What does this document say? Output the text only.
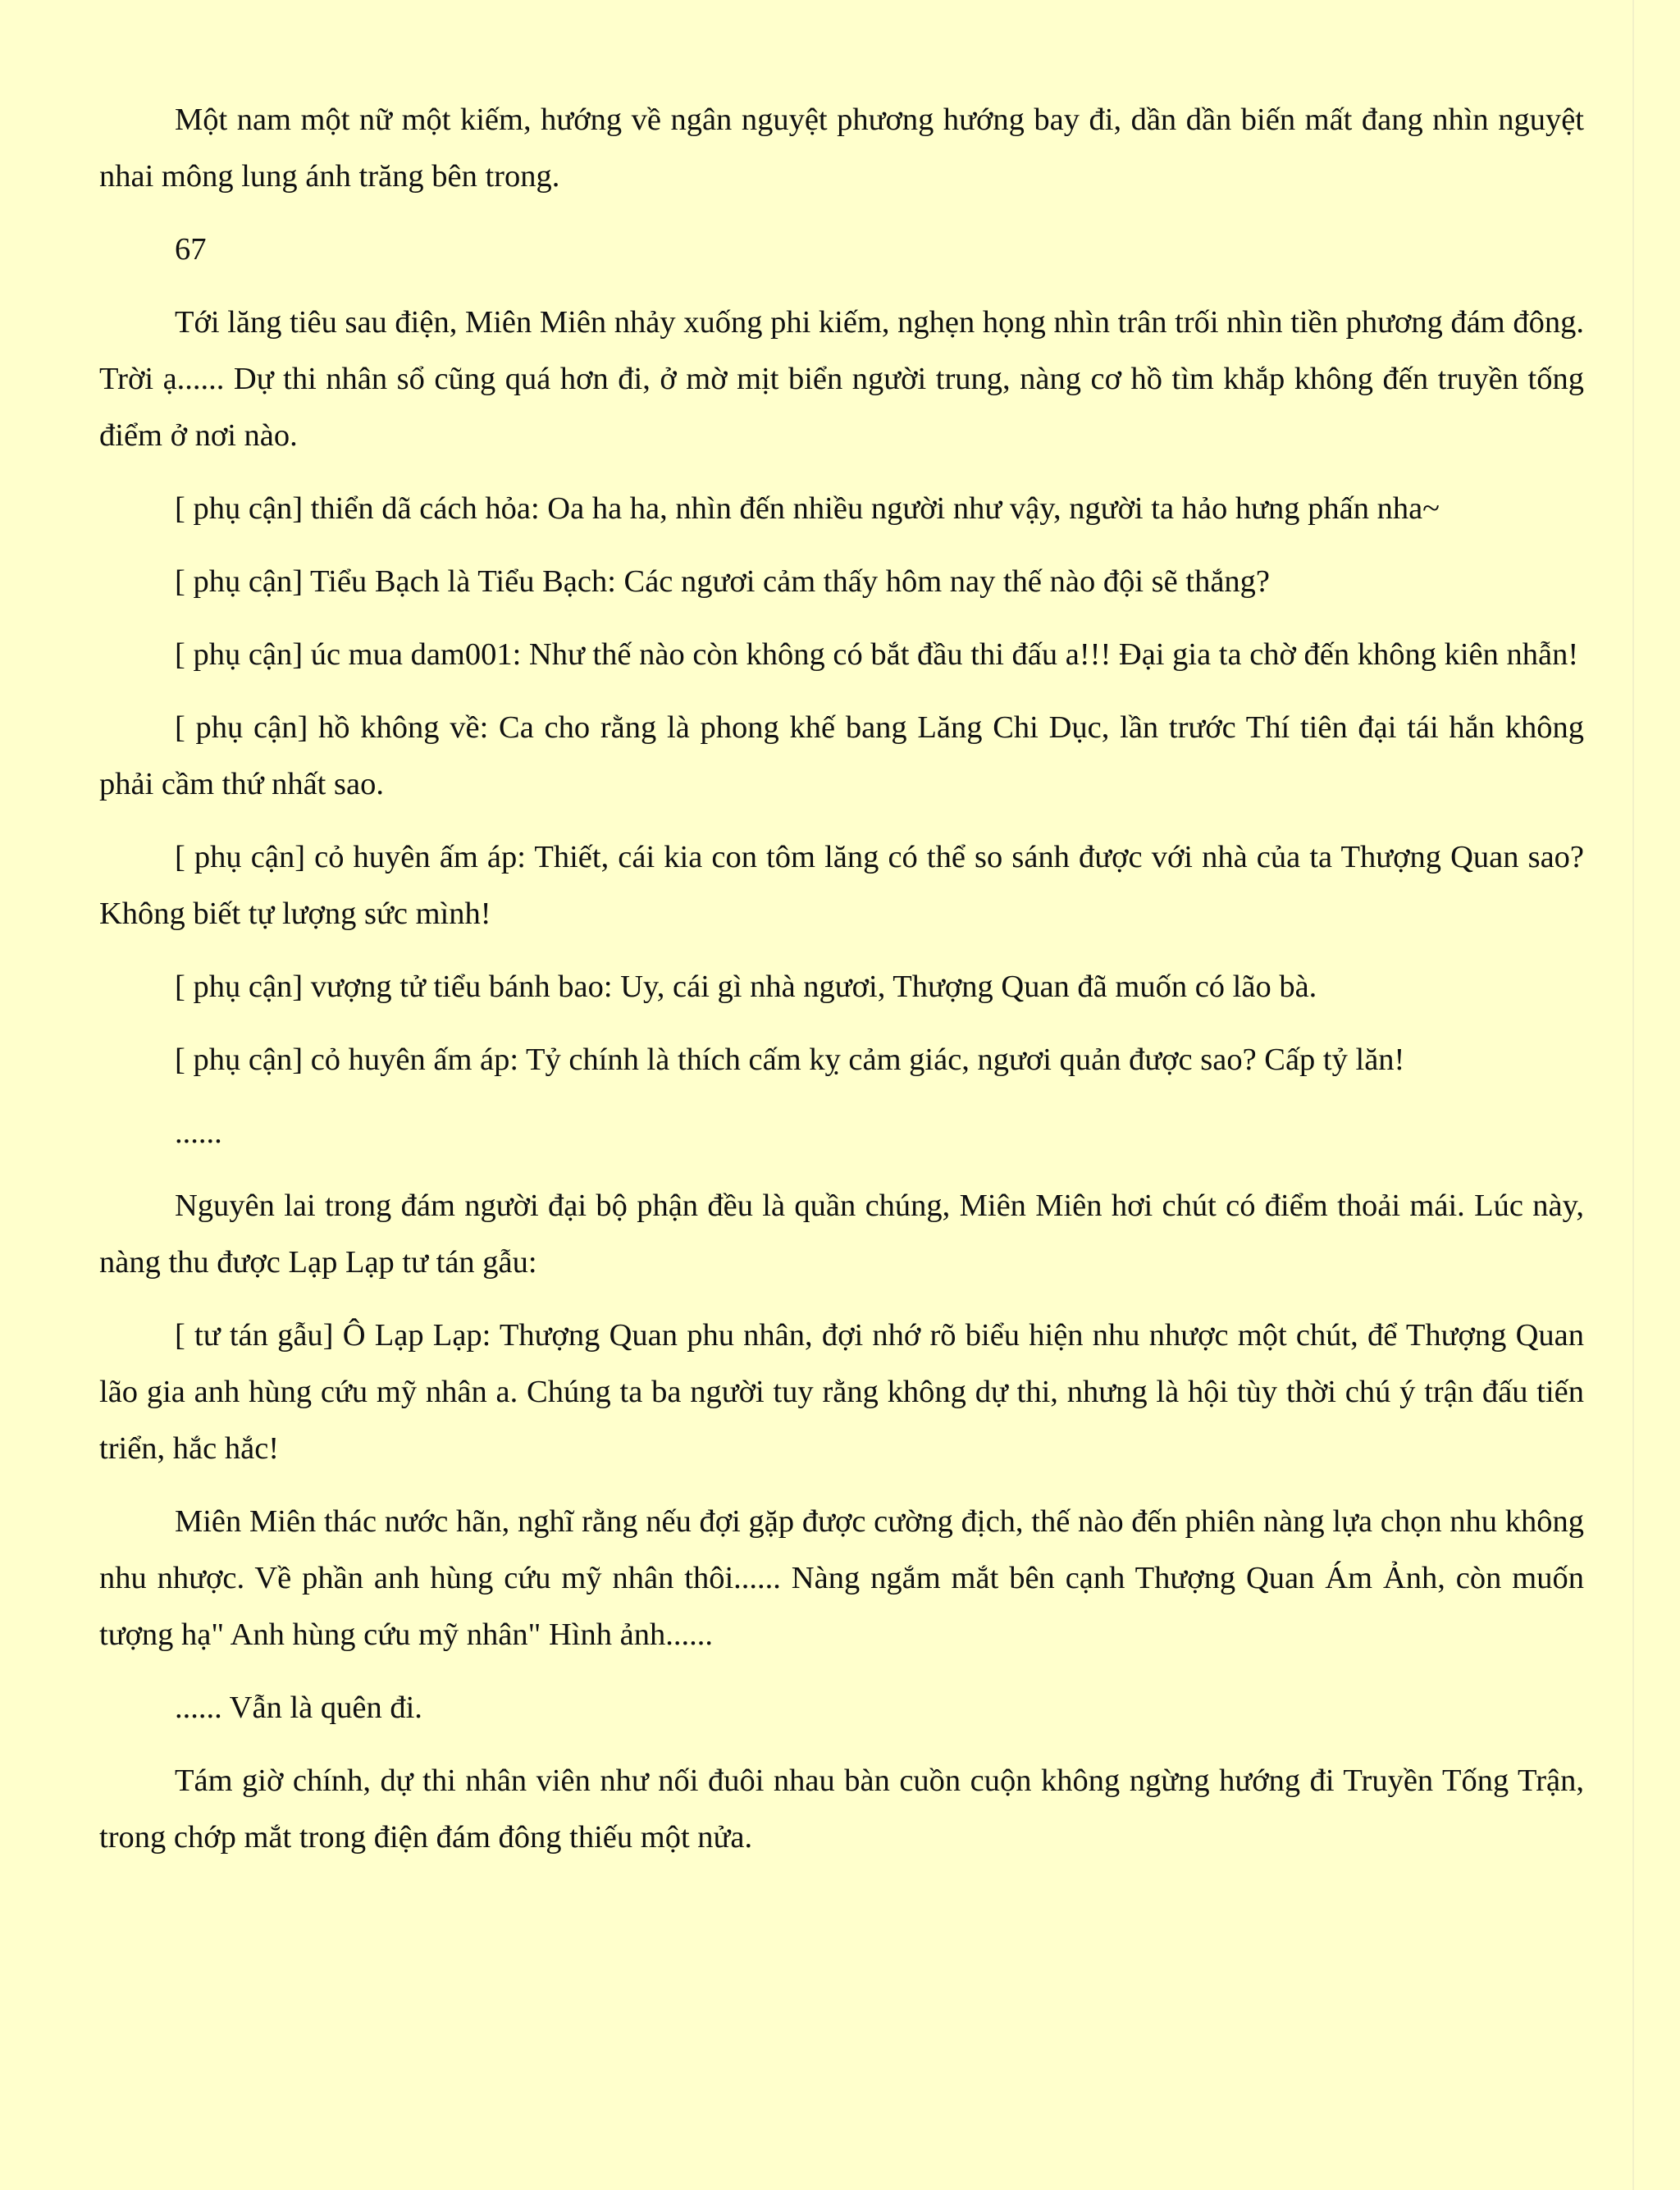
Một nam một nữ một kiếm, hướng về ngân nguyệt phương hướng bay đi, dần dần biến mất đang nhìn nguyệt nhai mông lung ánh trăng bên trong.

67

Tới lăng tiêu sau điện, Miên Miên nhảy xuống phi kiếm, nghẹn họng nhìn trân trối nhìn tiền phương đám đông. Trời ạ...... Dự thi nhân sổ cũng quá hơn đi, ở mờ mịt biển người trung, nàng cơ hồ tìm khắp không đến truyền tống điểm ở nơi nào.

[ phụ cận] thiển dã cách hỏa: Oa ha ha, nhìn đến nhiều người như vậy, người ta hảo hưng phấn nha~

[ phụ cận] Tiểu Bạch là Tiểu Bạch: Các ngươi cảm thấy hôm nay thế nào đội sẽ thắng?

[ phụ cận] úc mua dam001: Như thế nào còn không có bắt đầu thi đấu a!!! Đại gia ta chờ đến không kiên nhẫn!

[ phụ cận] hồ không về: Ca cho rằng là phong khế bang Lăng Chi Dục, lần trước Thí tiên đại tái hắn không phải cầm thứ nhất sao.

[ phụ cận] cỏ huyên ấm áp: Thiết, cái kia con tôm lăng có thể so sánh được với nhà của ta Thượng Quan sao? Không biết tự lượng sức mình!

[ phụ cận] vượng tử tiểu bánh bao: Uy, cái gì nhà ngươi, Thượng Quan đã muốn có lão bà.

[ phụ cận] cỏ huyên ấm áp: Tỷ chính là thích cấm kỵ cảm giác, ngươi quản được sao? Cấp tỷ lăn!

......

Nguyên lai trong đám người đại bộ phận đều là quần chúng, Miên Miên hơi chút có điểm thoải mái. Lúc này, nàng thu được Lạp Lạp tư tán gẫu:

[ tư tán gẫu] Ô Lạp Lạp: Thượng Quan phu nhân, đợi nhớ rõ biểu hiện nhu nhược một chút, để Thượng Quan lão gia anh hùng cứu mỹ nhân a. Chúng ta ba người tuy rằng không dự thi, nhưng là hội tùy thời chú ý trận đấu tiến triển, hắc hắc!

Miên Miên thác nước hãn, nghĩ rằng nếu đợi gặp được cường địch, thế nào đến phiên nàng lựa chọn nhu không nhu nhược. Về phần anh hùng cứu mỹ nhân thôi...... Nàng ngắm mắt bên cạnh Thượng Quan Ám Ảnh, còn muốn tượng hạ" Anh hùng cứu mỹ nhân" Hình ảnh......

...... Vẫn là quên đi.

Tám giờ chính, dự thi nhân viên như nối đuôi nhau bàn cuồn cuộn không ngừng hướng đi Truyền Tống Trận, trong chớp mắt trong điện đám đông thiếu một nửa.
